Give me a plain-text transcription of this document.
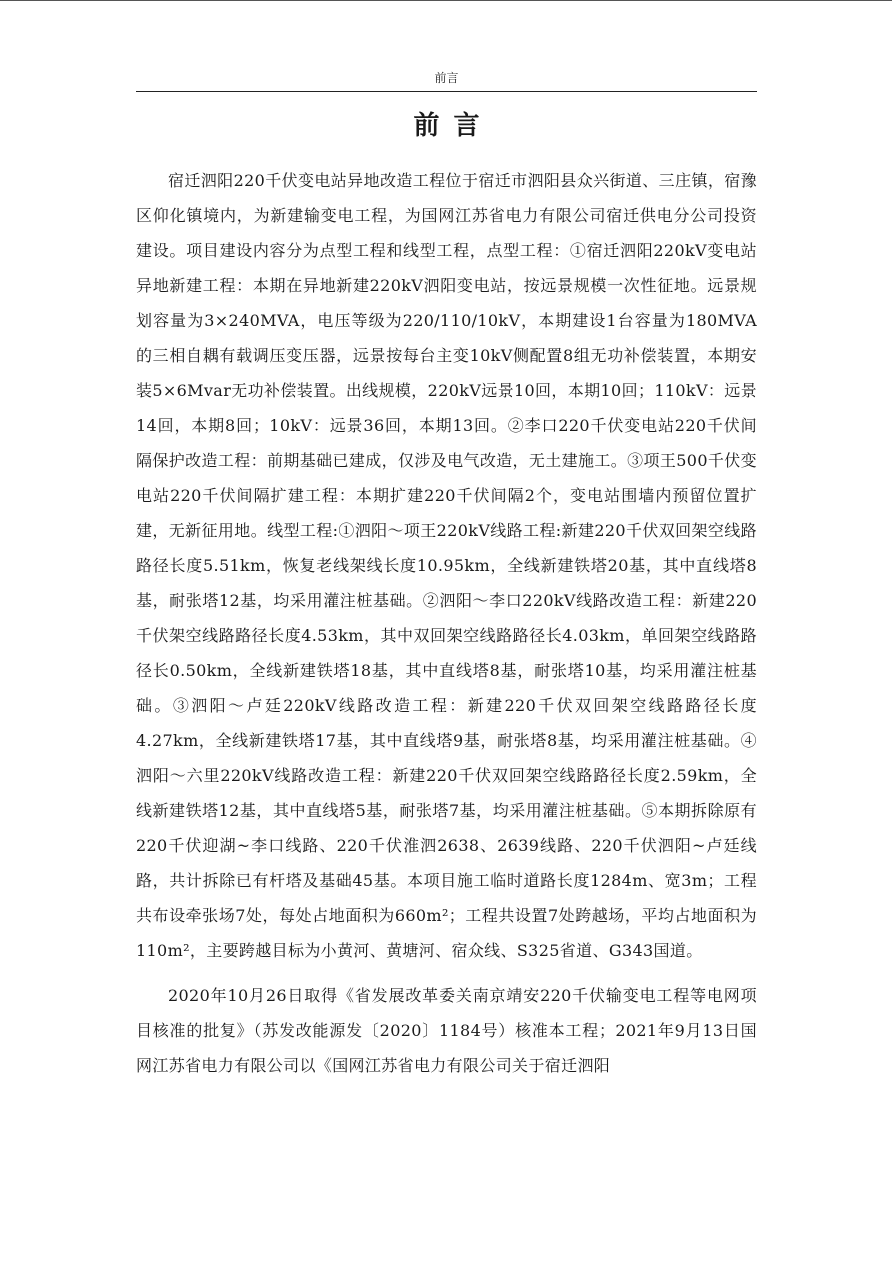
前言
前言

宿迁泗阳220千伏变电站异地改造工程位于宿迁市泗阳县众兴街道、三庄镇，宿豫区仰化镇境内，为新建输变电工程，为国网江苏省电力有限公司宿迁供电分公司投资建设。项目建设内容分为点型工程和线型工程，点型工程：①宿迁泗阳220kV变电站异地新建工程：本期在异地新建220kV泗阳变电站，按远景规模一次性征地。远景规划容量为3×240MVA，电压等级为220/110/10kV，本期建设1台容量为180MVA的三相自耦有载调压变压器，远景按每台主变10kV侧配置8组无功补偿装置，本期安装5×6Mvar无功补偿装置。出线规模，220kV远景10回，本期10回；110kV：远景14回，本期8回；10kV：远景36回，本期13回。②李口220千伏变电站220千伏间隔保护改造工程：前期基础已建成，仅涉及电气改造，无土建施工。③项王500千伏变电站220千伏间隔扩建工程：本期扩建220千伏间隔2个，变电站围墙内预留位置扩建，无新征用地。线型工程:①泗阳～项王220kV线路工程:新建220千伏双回架空线路路径长度5.51km，恢复老线架线长度10.95km，全线新建铁塔20基，其中直线塔8基，耐张塔12基，均采用灌注桩基础。②泗阳～李口220kV线路改造工程：新建220千伏架空线路路径长度4.53km，其中双回架空线路路径长4.03km，单回架空线路路径长0.50km，全线新建铁塔18基，其中直线塔8基，耐张塔10基，均采用灌注桩基础。③泗阳～卢廷220kV线路改造工程：新建220千伏双回架空线路路径长度4.27km，全线新建铁塔17基，其中直线塔9基，耐张塔8基，均采用灌注桩基础。④泗阳～六里220kV线路改造工程：新建220千伏双回架空线路路径长度2.59km，全线新建铁塔12基，其中直线塔5基，耐张塔7基，均采用灌注桩基础。⑤本期拆除原有220千伏迎湖~李口线路、220千伏淮泗2638、2639线路、220千伏泗阳~卢廷线路，共计拆除已有杆塔及基础45基。本项目施工临时道路长度1284m、宽3m；工程共布设牵张场7处，每处占地面积为660m²；工程共设置7处跨越场，平均占地面积为110m²，主要跨越目标为小黄河、黄塘河、宿众线、S325省道、G343国道。

2020年10月26日取得《省发展改革委关南京靖安220千伏输变电工程等电网项目核准的批复》（苏发改能源发〔2020〕1184号）核准本工程；2021年9月13日国网江苏省电力有限公司以《国网江苏省电力有限公司关于宿迁泗阳
